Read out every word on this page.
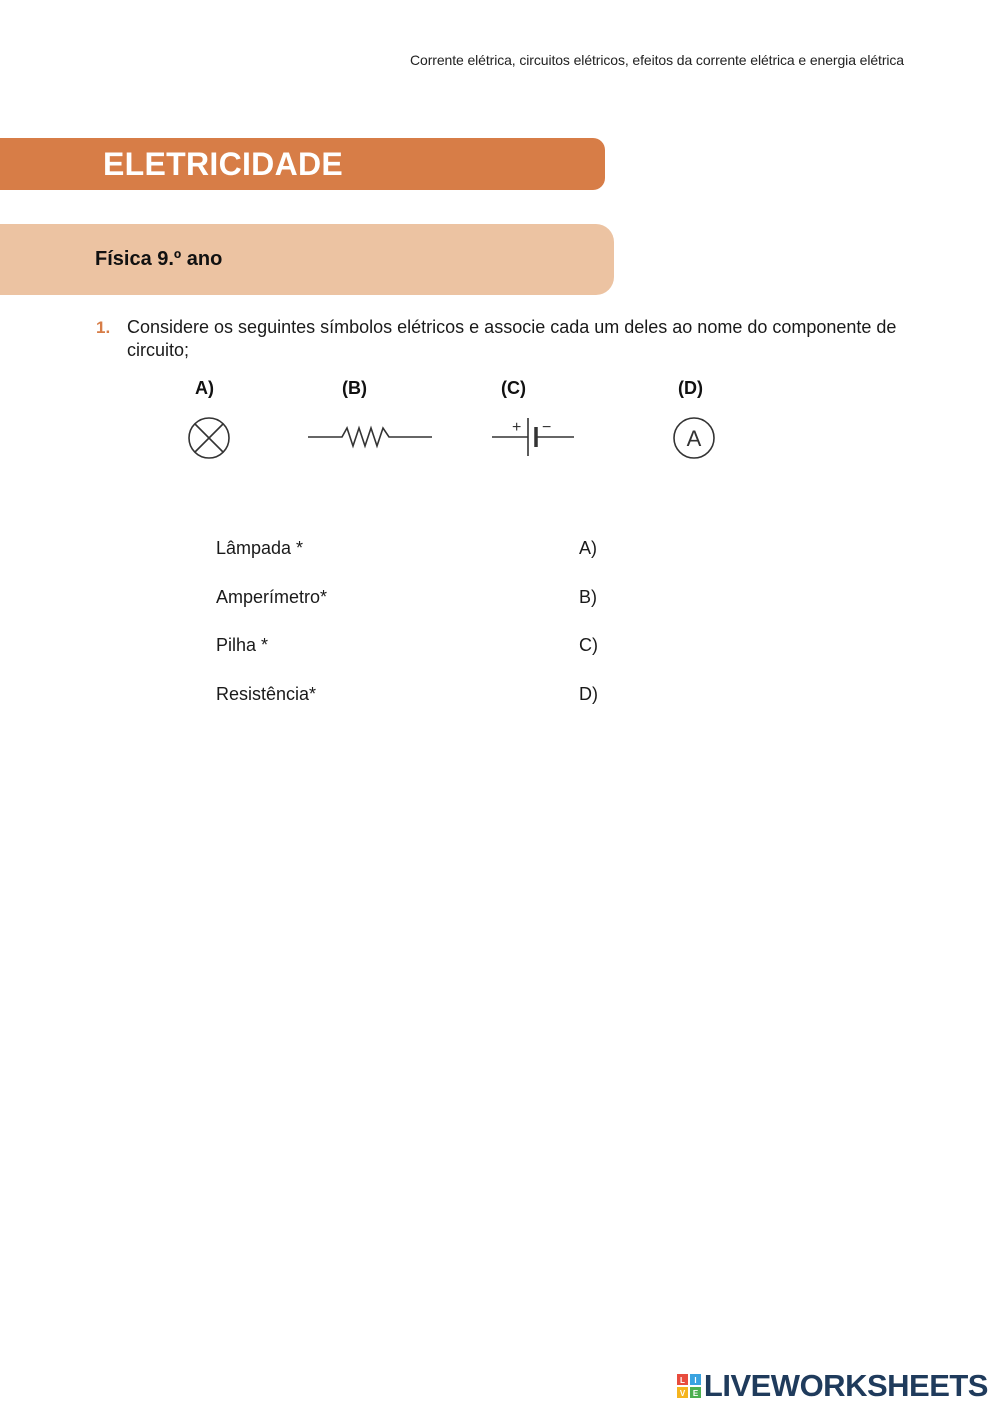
Corrente elétrica, circuitos elétricos, efeitos da corrente elétrica e energia elétrica
ELETRICIDADE
Física 9.º ano
1. Considere os seguintes símbolos elétricos e associe cada um deles ao nome do componente de circuito;
A)	(B)	(C)	(D)
+ −	A
Lâmpada *	A)
Amperímetro*	B)
Pilha *	C)
Resistência*	D)
L I
V E LIVEWORKSHEETS
